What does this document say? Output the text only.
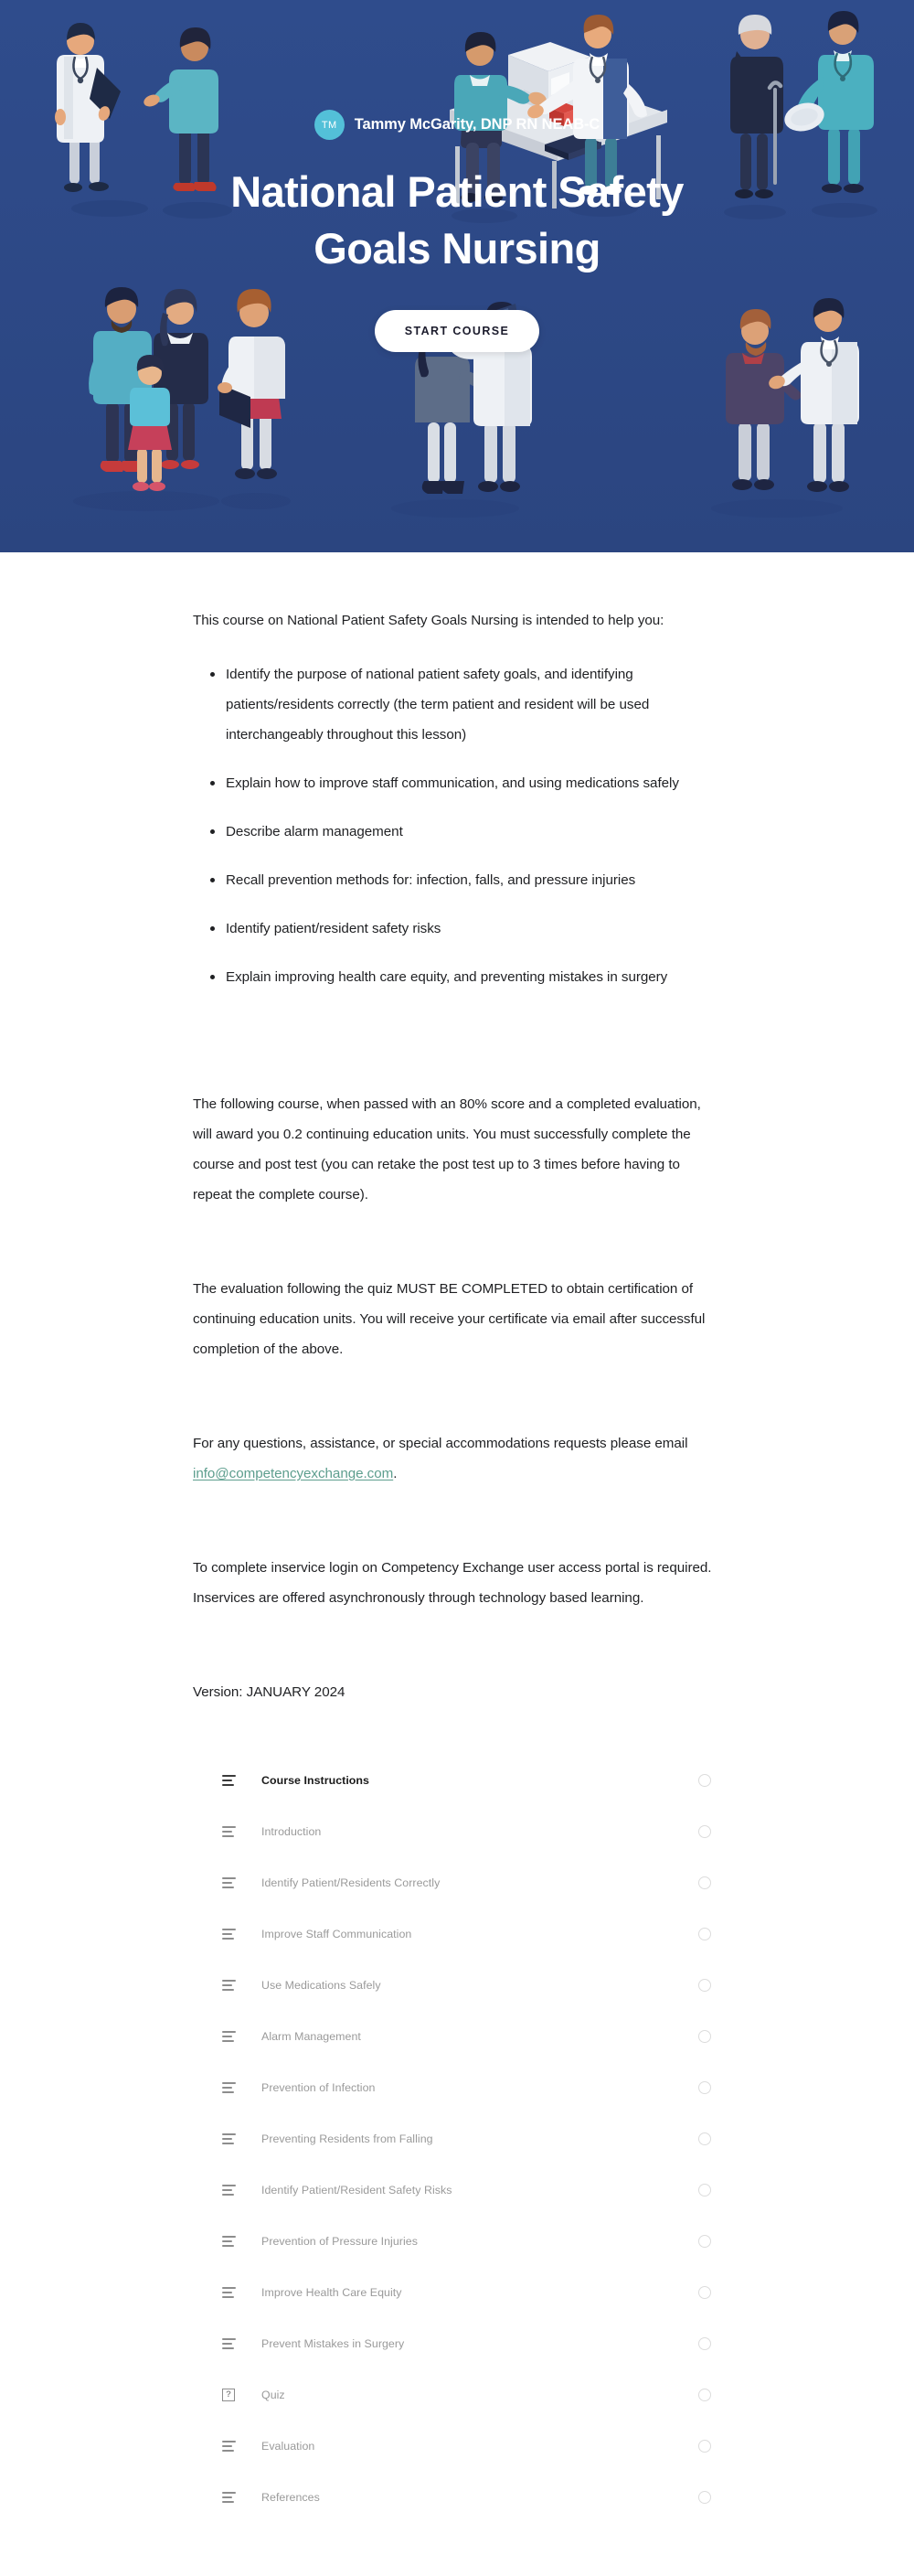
TM	Tammy McGarity, DNP RN NEAB-C
National Patient Safety Goals Nursing
START COURSE

This course on National Patient Safety Goals Nursing is intended to help you:

Identify the purpose of national patient safety goals, and identifying patients/residents correctly (the term patient and resident will be used interchangeably throughout this lesson)
Explain how to improve staff communication, and using medications safely
Describe alarm management
Recall prevention methods for: infection, falls, and pressure injuries
Identify patient/resident safety risks
Explain improving health care equity, and preventing mistakes in surgery

The following course, when passed with an 80% score and a completed evaluation, will award you 0.2 continuing education units. You must successfully complete the course and post test (you can retake the post test up to 3 times before having to repeat the complete course).

The evaluation following the quiz MUST BE COMPLETED to obtain certification of continuing education units. You will receive your certificate via email after successful completion of the above.

For any questions, assistance, or special accommodations requests please email info@competencyexchange.com.

To complete inservice login on Competency Exchange user access portal is required. Inservices are offered asynchronously through technology based learning.

Version: JANUARY 2024

Course Instructions
Introduction
Identify Patient/Residents Correctly
Improve Staff Communication
Use Medications Safely
Alarm Management
Prevention of Infection
Preventing Residents from Falling
Identify Patient/Resident Safety Risks
Prevention of Pressure Injuries
Improve Health Care Equity
Prevent Mistakes in Surgery
?	Quiz
Evaluation
References
